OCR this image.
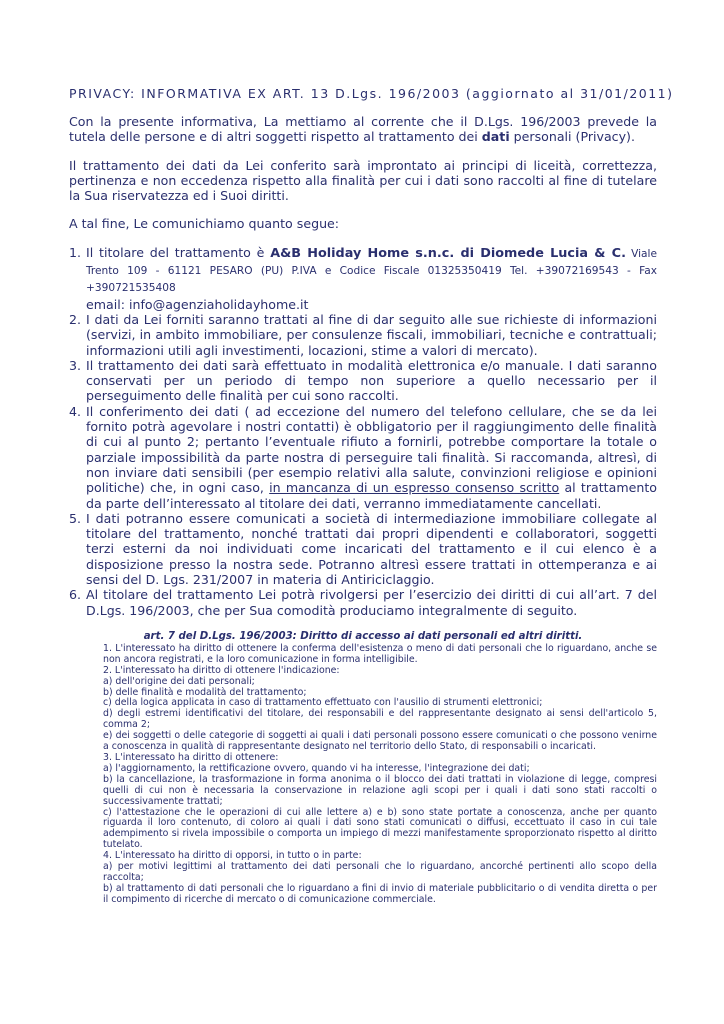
PRIVACY: INFORMATIVA EX ART. 13 D.Lgs. 196/2003 (aggiornato al 31/01/2011)

Con la presente informativa, La mettiamo al corrente che il D.Lgs. 196/2003 prevede la tutela delle persone e di altri soggetti rispetto al trattamento dei dati personali (Privacy).

Il trattamento dei dati da Lei conferito sarà improntato ai principi di liceità, correttezza, pertinenza e non eccedenza rispetto alla finalità per cui i dati sono raccolti al fine di tutelare la Sua riservatezza ed i Suoi diritti.

A tal fine, Le comunichiamo quanto segue:

1. Il titolare del trattamento è A&B Holiday Home s.n.c. di Diomede Lucia & C. Viale Trento 109 - 61121 PESARO (PU) P.IVA e Codice Fiscale 01325350419 Tel. +39072169543 - Fax +390721535408
email: info@agenziaholidayhome.it
2. I dati da Lei forniti saranno trattati al fine di dar seguito alle sue richieste di informazioni (servizi, in ambito immobiliare, per consulenze fiscali, immobiliari, tecniche e contrattuali; informazioni utili agli investimenti, locazioni, stime a valori di mercato).
3. Il trattamento dei dati sarà effettuato in modalità elettronica e/o manuale. I dati saranno conservati per un periodo di tempo non superiore a quello necessario per il perseguimento delle finalità per cui sono raccolti.
4. Il conferimento dei dati ( ad eccezione del numero del telefono cellulare, che se da lei fornito potrà agevolare i nostri contatti) è obbligatorio per il raggiungimento delle finalità di cui al punto 2; pertanto l’eventuale rifiuto a fornirli, potrebbe comportare la totale o parziale impossibilità da parte nostra di perseguire tali finalità. Si raccomanda, altresì, di non inviare dati sensibili (per esempio relativi alla salute, convinzioni religiose e opinioni politiche) che, in ogni caso, in mancanza di un espresso consenso scritto al trattamento da parte dell’interessato al titolare dei dati, verranno immediatamente cancellati.
5. I dati potranno essere comunicati a società di intermediazione immobiliare collegate al titolare del trattamento, nonché trattati dai propri dipendenti e collaboratori, soggetti terzi esterni da noi individuati come incaricati del trattamento e il cui elenco è a disposizione presso la nostra sede. Potranno altresì essere trattati in ottemperanza e ai sensi del D. Lgs. 231/2007 in materia di Antiriciclaggio.
6. Al titolare del trattamento Lei potrà rivolgersi per l’esercizio dei diritti di cui all’art. 7 del D.Lgs. 196/2003, che per Sua comodità produciamo integralmente di seguito.
art. 7 del D.Lgs. 196/2003: Diritto di accesso ai dati personali ed altri diritti.
1. L'interessato ha diritto di ottenere la conferma dell'esistenza o meno di dati personali che lo riguardano, anche se non ancora registrati, e la loro comunicazione in forma intelligibile.
2. L'interessato ha diritto di ottenere l'indicazione:
a) dell'origine dei dati personali;
b) delle finalità e modalità del trattamento;
c) della logica applicata in caso di trattamento effettuato con l'ausilio di strumenti elettronici;
d) degli estremi identificativi del titolare, dei responsabili e del rappresentante designato ai sensi dell'articolo 5, comma 2;
e) dei soggetti o delle categorie di soggetti ai quali i dati personali possono essere comunicati o che possono venirne a conoscenza in qualità di rappresentante designato nel territorio dello Stato, di responsabili o incaricati.
3. L'interessato ha diritto di ottenere:
a) l'aggiornamento, la rettificazione ovvero, quando vi ha interesse, l'integrazione dei dati;
b) la cancellazione, la trasformazione in forma anonima o il blocco dei dati trattati in violazione di legge, compresi quelli di cui non è necessaria la conservazione in relazione agli scopi per i quali i dati sono stati raccolti o successivamente trattati;
c) l'attestazione che le operazioni di cui alle lettere a) e b) sono state portate a conoscenza, anche per quanto riguarda il loro contenuto, di coloro ai quali i dati sono stati comunicati o diffusi, eccettuato il caso in cui tale adempimento si rivela impossibile o comporta un impiego di mezzi manifestamente sproporzionato rispetto al diritto tutelato.
4. L'interessato ha diritto di opporsi, in tutto o in parte:
a) per motivi legittimi al trattamento dei dati personali che lo riguardano, ancorché pertinenti allo scopo della raccolta;
b) al trattamento di dati personali che lo riguardano a fini di invio di materiale pubblicitario o di vendita diretta o per il compimento di ricerche di mercato o di comunicazione commerciale.
